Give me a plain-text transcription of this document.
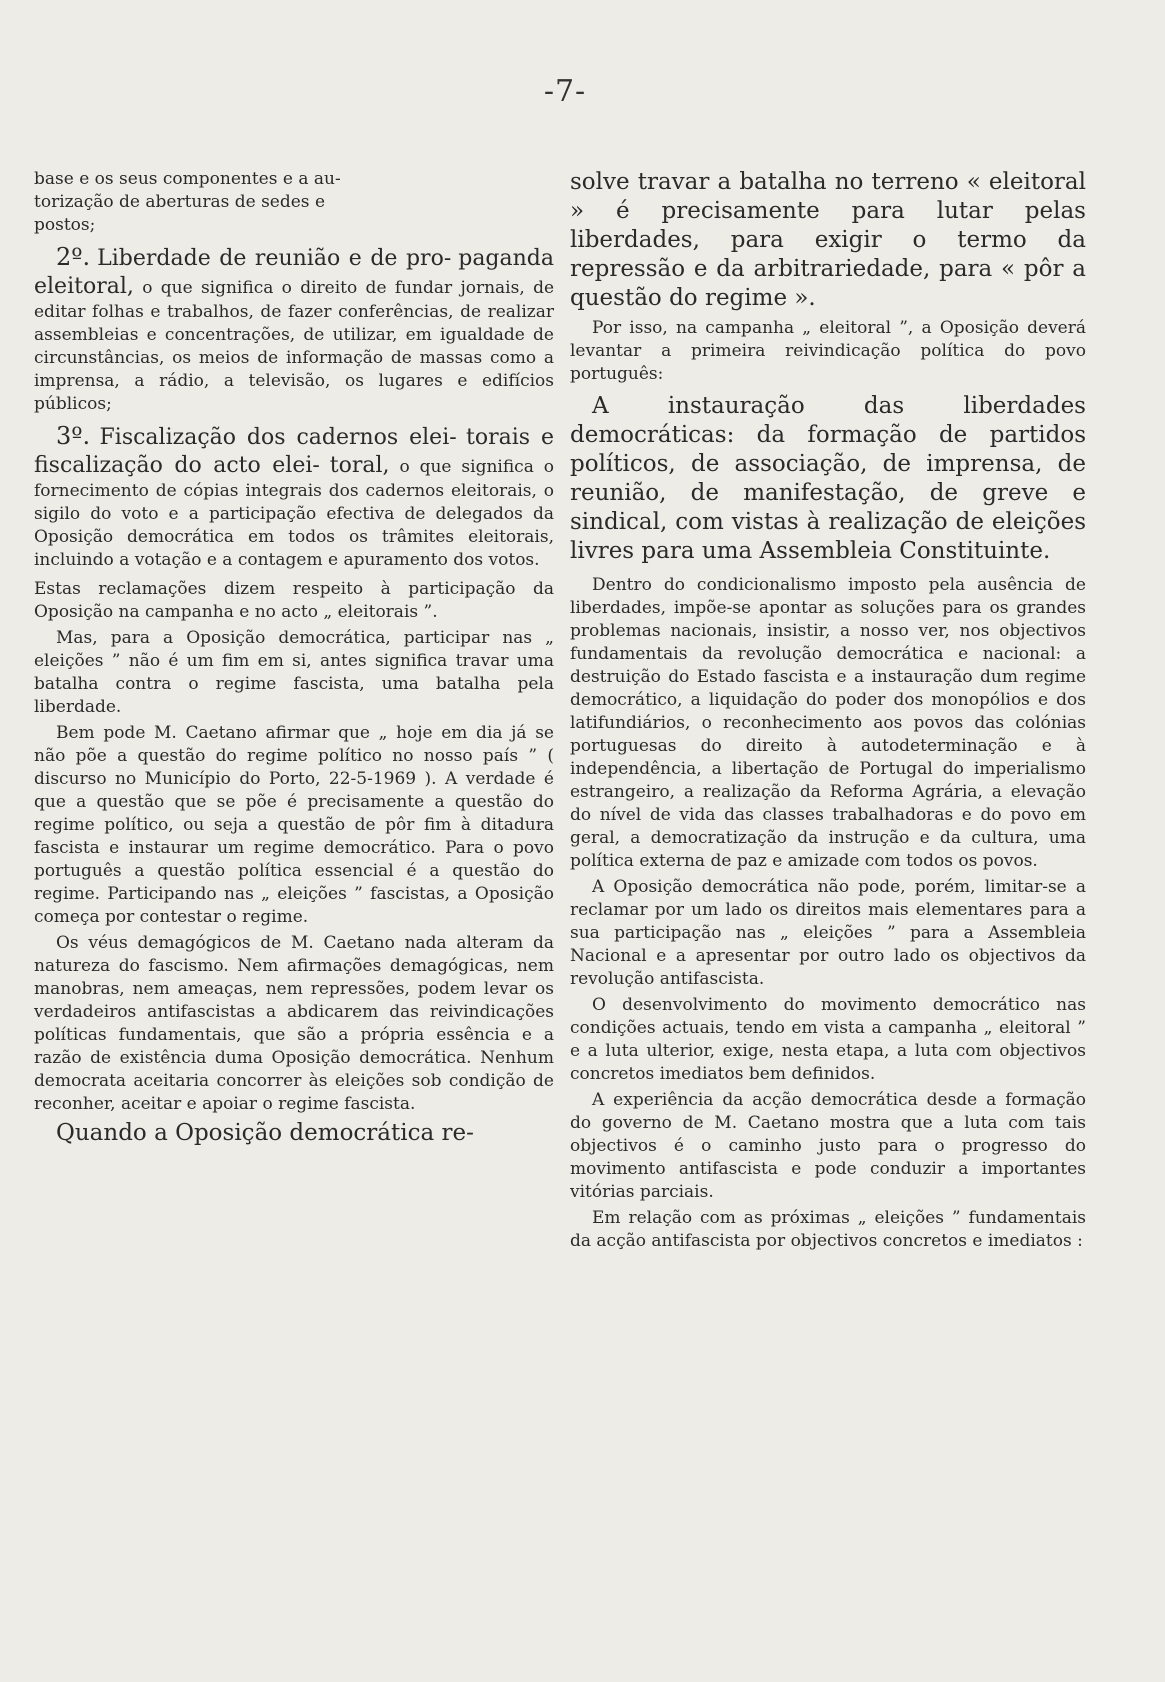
-7-

base e os seus componentes e a au-
torização de aberturas de sedes e
postos;

2º. Liberdade de reunião e de pro- paganda eleitoral, o que significa o direito de fundar jornais, de editar folhas e trabalhos, de fazer conferências, de realizar assembleias e concentrações, de utilizar, em igualdade de circunstâncias, os meios de informação de massas como a imprensa, a rádio, a televisão, os lugares e edifícios públicos;

3º. Fiscalização dos cadernos elei- torais e fiscalização do acto elei- toral, o que significa o fornecimento de cópias integrais dos cadernos eleitorais, o sigilo do voto e a participação efectiva de delegados da Oposição democrática em todos os trâmites eleitorais, incluindo a votação e a contagem e apuramento dos votos.

Estas reclamações dizem respeito à participação da Oposição na campanha e no acto „ eleitorais ”.

Mas, para a Oposição democrática, participar nas „ eleições ” não é um fim em si, antes significa travar uma batalha contra o regime fascista, uma batalha pela liberdade.

Bem pode M. Caetano afirmar que „ hoje em dia já se não põe a questão do regime político no nosso país ” ( discurso no Município do Porto, 22-5-1969 ). A verdade é que a questão que se põe é precisamente a questão do regime político, ou seja a questão de pôr fim à ditadura fascista e instaurar um regime democrático. Para o povo português a questão política essencial é a questão do regime. Participando nas „ eleições ” fascistas, a Oposição começa por contestar o regime.

Os véus demagógicos de M. Caetano nada alteram da natureza do fascismo. Nem afirmações demagógicas, nem manobras, nem ameaças, nem repressões, podem levar os verdadeiros antifascistas a abdicarem das reivindicações políticas fundamentais, que são a própria essência e a razão de existência duma Oposição democrática. Nenhum democrata aceitaria concorrer às eleições sob condição de reconher, aceitar e apoiar o regime fascista.

Quando a Oposição democrática re-

solve travar a batalha no terreno « eleitoral » é precisamente para lutar pelas liberdades, para exigir o termo da repressão e da arbitrariedade, para « pôr a questão do regime ».

Por isso, na campanha „ eleitoral ”, a Oposição deverá levantar a primeira reivindicação política do povo português:

A instauração das liberdades democráticas: da formação de partidos políticos, de associação, de imprensa, de reunião, de manifestação, de greve e sindical, com vistas à realização de eleições livres para uma Assembleia Constituinte.

Dentro do condicionalismo imposto pela ausência de liberdades, impõe-se apontar as soluções para os grandes problemas nacionais, insistir, a nosso ver, nos objectivos fundamentais da revolução democrática e nacional: a destruição do Estado fascista e a instauração dum regime democrático, a liquidação do poder dos monopólios e dos latifundiários, o reconhecimento aos povos das colónias portuguesas do direito à autodeterminação e à independência, a libertação de Portugal do imperialismo estrangeiro, a realização da Reforma Agrária, a elevação do nível de vida das classes trabalhadoras e do povo em geral, a democratização da instrução e da cultura, uma política externa de paz e amizade com todos os povos.

A Oposição democrática não pode, porém, limitar-se a reclamar por um lado os direitos mais elementares para a sua participação nas „ eleições ” para a Assembleia Nacional e a apresentar por outro lado os objectivos da revolução antifascista.

O desenvolvimento do movimento democrático nas condições actuais, tendo em vista a campanha „ eleitoral ” e a luta ulterior, exige, nesta etapa, a luta com objectivos concretos imediatos bem definidos.

A experiência da acção democrática desde a formação do governo de M. Caetano mostra que a luta com tais objectivos é o caminho justo para o progresso do movimento antifascista e pode conduzir a importantes vitórias parciais.

Em relação com as próximas „ eleições ” fundamentais da acção antifascista por objectivos concretos e imediatos :
